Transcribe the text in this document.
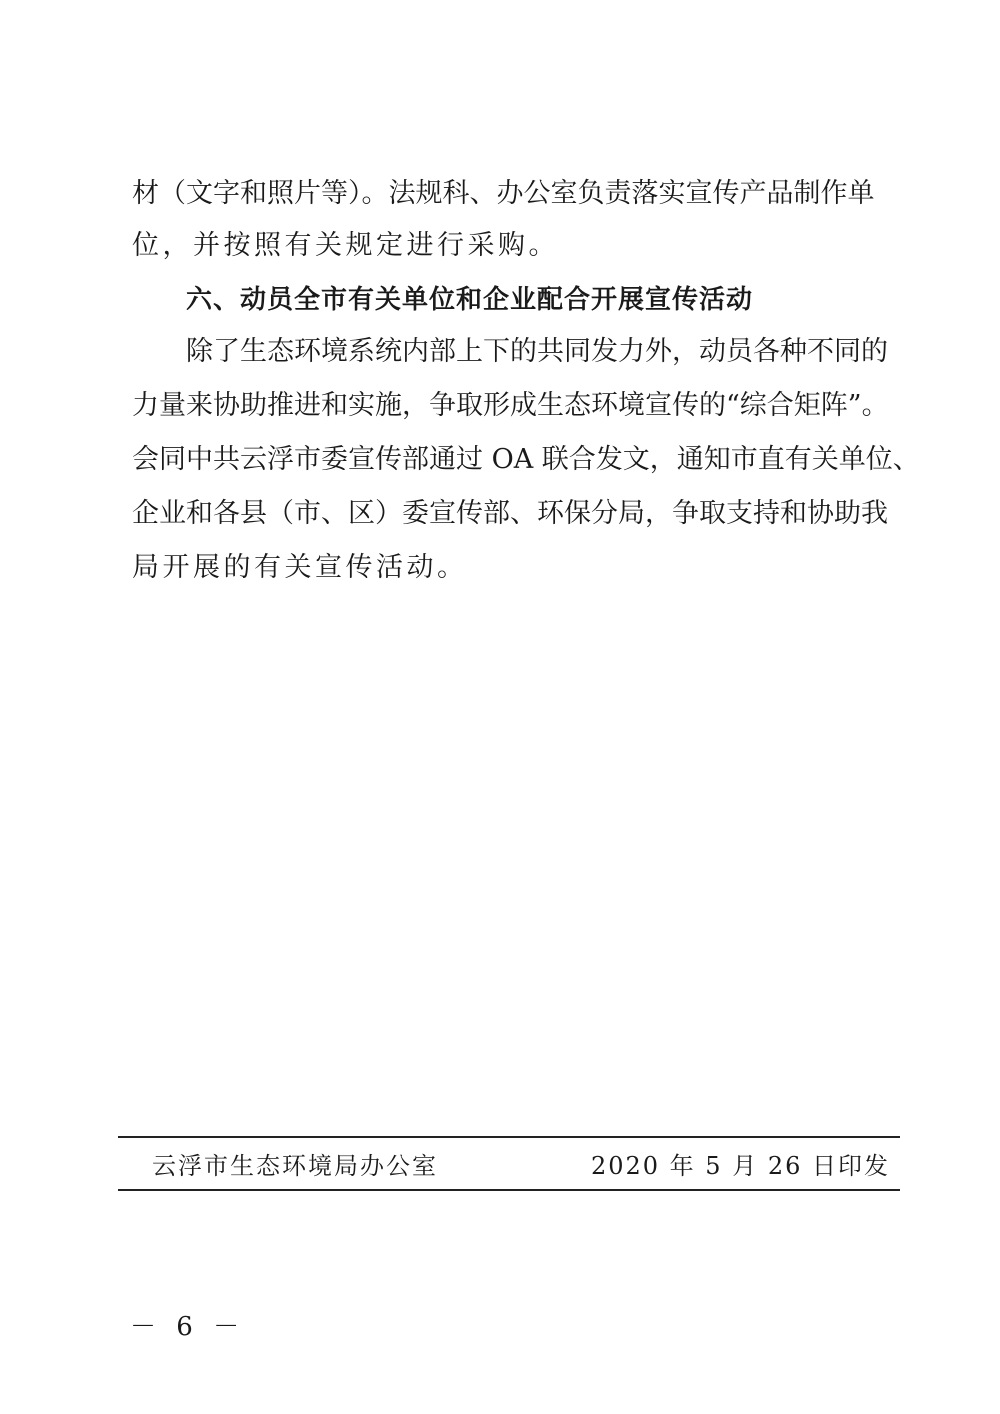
材（文字和照片等）。法规科、办公室负责落实宣传产品制作单
位，并按照有关规定进行采购。
六、动员全市有关单位和企业配合开展宣传活动
除了生态环境系统内部上下的共同发力外，动员各种不同的
力量来协助推进和实施，争取形成生态环境宣传的“综合矩阵”。
会同中共云浮市委宣传部通过 OA 联合发文，通知市直有关单位、
企业和各县（市、区）委宣传部、环保分局，争取支持和协助我
局开展的有关宣传活动。
云浮市生态环境局办公室	2020 年 5 月 26 日印发
－ 6 －
